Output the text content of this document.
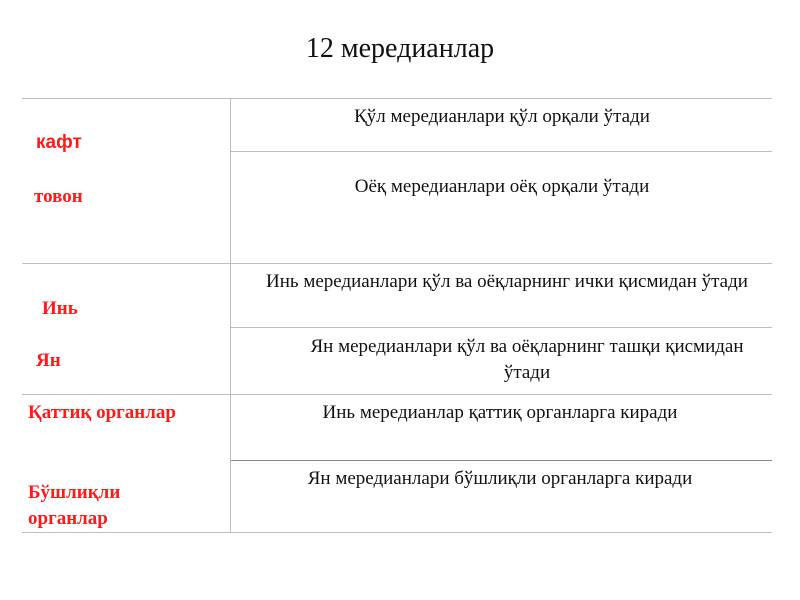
12 мередианлар
кафт
товон
Қўл мередианлари қўл орқали ўтади
Оёқ мередианлари оёқ орқали ўтади
Инь
Ян
Инь мередианлари қўл ва оёқларнинг ички қисмидан ўтади
Ян мередианлари қўл ва оёқларнинг ташқи қисмидан ўтади
Қаттиқ органлар
Бўшлиқли органлар
Инь мередианлар қаттиқ органларга киради
Ян мередианлари бўшлиқли органларга киради
